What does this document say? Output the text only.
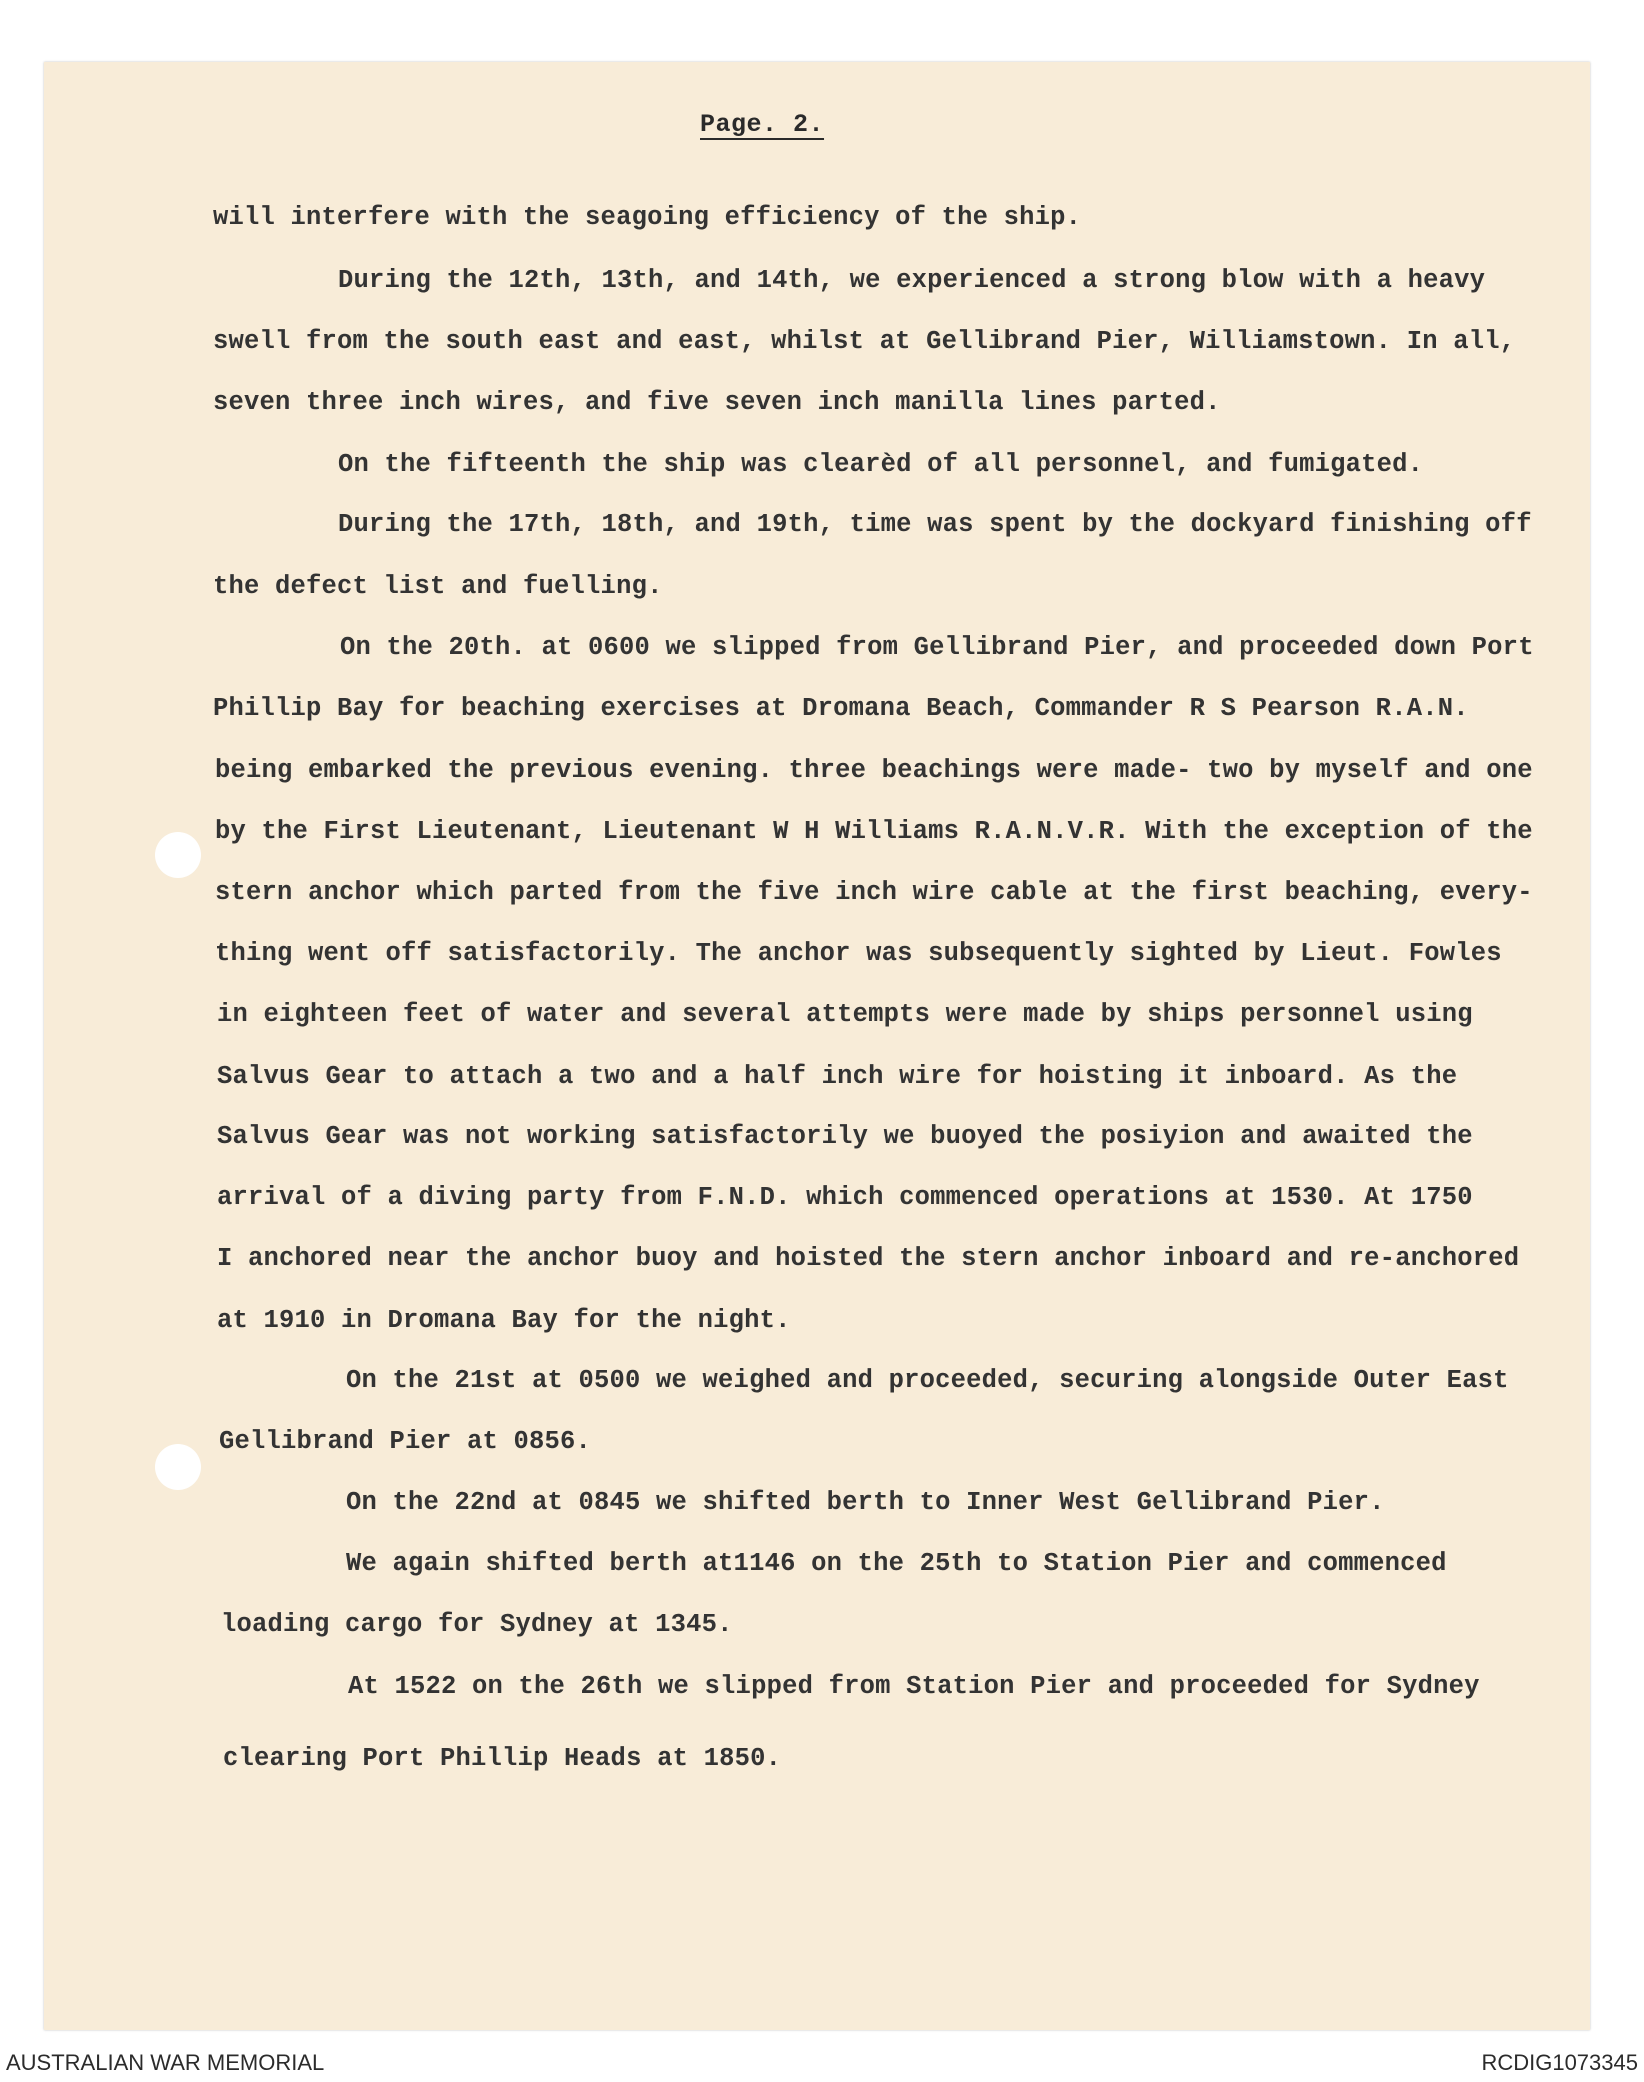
Page. 2.
will interfere with the seagoing efficiency of the ship.
During the 12th, 13th, and 14th, we experienced a strong blow with a heavy
swell from the south east and east, whilst at Gellibrand Pier, Williamstown. In all,
seven three inch wires, and five seven inch manilla lines parted.
On the fifteenth the ship was clearèd of all personnel, and fumigated.
During the 17th, 18th, and 19th, time was spent by the dockyard finishing off
the defect list and fuelling.
On the 20th. at 0600 we slipped from Gellibrand Pier, and proceeded down Port
Phillip Bay for beaching exercises at Dromana Beach, Commander R S Pearson R.A.N.
being embarked the previous evening. three beachings were made- two by myself and one
by the First Lieutenant, Lieutenant W H Williams R.A.N.V.R. With the exception of the
stern anchor which parted from the five inch wire cable at the first beaching, every-
thing went off satisfactorily. The anchor was subsequently sighted by Lieut. Fowles
in eighteen feet of water and several attempts were made by ships personnel using
Salvus Gear to attach a two and a half inch wire for hoisting it inboard. As the
Salvus Gear was not working satisfactorily we buoyed the posiyion and awaited the
arrival of a diving party from F.N.D. which commenced operations at 1530. At 1750
I anchored near the anchor buoy and hoisted the stern anchor inboard and re-anchored
at 1910 in Dromana Bay for the night.
On the 21st at 0500 we weighed and proceeded, securing alongside Outer East
Gellibrand Pier at 0856.
On the 22nd at 0845 we shifted berth to Inner West Gellibrand Pier.
We again shifted berth at1146 on the 25th to Station Pier and commenced
loading cargo for Sydney at 1345.
At 1522 on the 26th we slipped from Station Pier and proceeded for Sydney
clearing Port Phillip Heads at 1850.
AUSTRALIAN WAR MEMORIAL	RCDIG1073345
